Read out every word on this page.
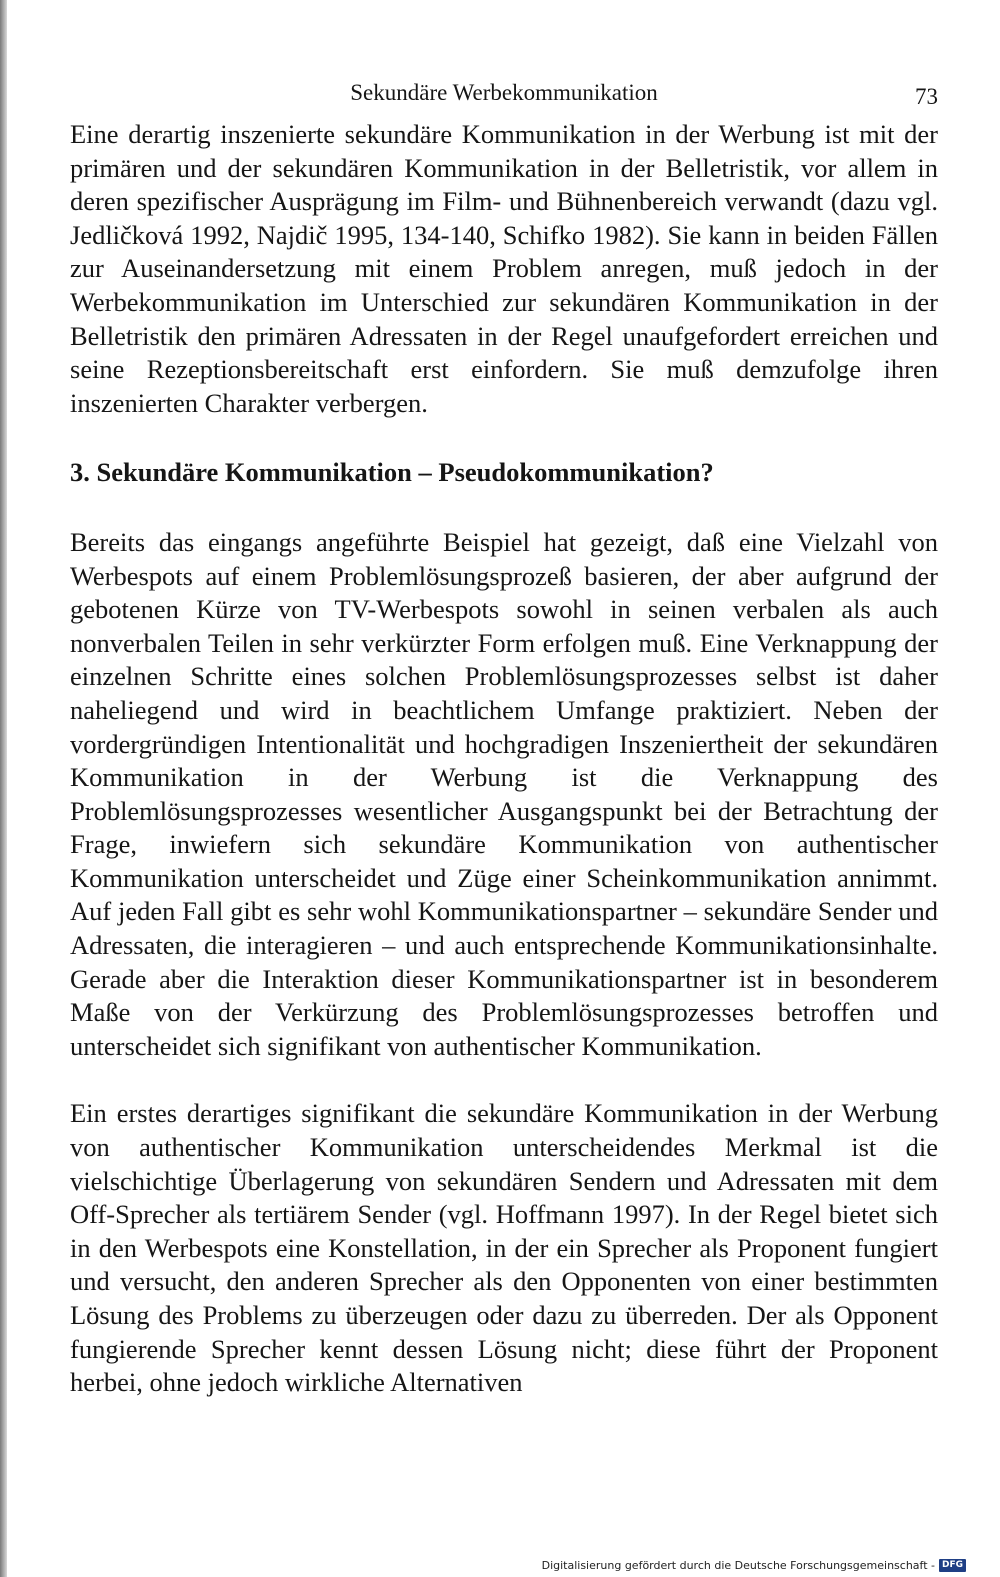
Sekundäre Werbekommunikation	73

Eine derartig inszenierte sekundäre Kommunikation in der Werbung ist mit der primären und der sekundären Kommunikation in der Belletristik, vor allem in deren spezifischer Ausprägung im Film- und Bühnenbereich verwandt (dazu vgl. Jedličková 1992, Najdič 1995, 134-140, Schifko 1982). Sie kann in beiden Fällen zur Auseinandersetzung mit einem Problem anregen, muß jedoch in der Werbekommunikation im Unterschied zur sekundären Kommunikation in der Belletristik den primären Adressaten in der Regel unaufgefordert erreichen und seine Rezeptionsbereitschaft erst einfordern. Sie muß demzufolge ihren inszenierten Charakter verbergen.

3. Sekundäre Kommunikation – Pseudokommunikation?

Bereits das eingangs angeführte Beispiel hat gezeigt, daß eine Vielzahl von Werbespots auf einem Problemlösungsprozeß basieren, der aber aufgrund der gebotenen Kürze von TV-Werbespots sowohl in seinen verbalen als auch nonverbalen Teilen in sehr verkürzter Form erfolgen muß. Eine Verknappung der einzelnen Schritte eines solchen Problemlösungsprozesses selbst ist daher naheliegend und wird in beachtlichem Umfange praktiziert. Neben der vordergründigen Intentionalität und hochgradigen Inszeniertheit der sekundären Kommunikation in der Werbung ist die Verknappung des Problemlösungsprozesses wesentlicher Ausgangspunkt bei der Betrachtung der Frage, inwiefern sich sekundäre Kommunikation von authentischer Kommunikation unterscheidet und Züge einer Scheinkommunikation annimmt. Auf jeden Fall gibt es sehr wohl Kommunikationspartner – sekundäre Sender und Adressaten, die interagieren – und auch entsprechende Kommunikationsinhalte. Gerade aber die Interaktion dieser Kommunikationspartner ist in besonderem Maße von der Verkürzung des Problemlösungsprozesses betroffen und unterscheidet sich signifikant von authentischer Kommunikation.

Ein erstes derartiges signifikant die sekundäre Kommunikation in der Werbung von authentischer Kommunikation unterscheidendes Merkmal ist die vielschichtige Überlagerung von sekundären Sendern und Adressaten mit dem Off-Sprecher als tertiärem Sender (vgl. Hoffmann 1997). In der Regel bietet sich in den Werbespots eine Konstellation, in der ein Sprecher als Proponent fungiert und versucht, den anderen Sprecher als den Opponenten von einer bestimmten Lösung des Problems zu überzeugen oder dazu zu überreden. Der als Opponent fungierende Sprecher kennt dessen Lösung nicht; diese führt der Proponent herbei, ohne jedoch wirkliche Alternativen

Digitalisierung gefördert durch die Deutsche Forschungsgemeinschaft - DFG
